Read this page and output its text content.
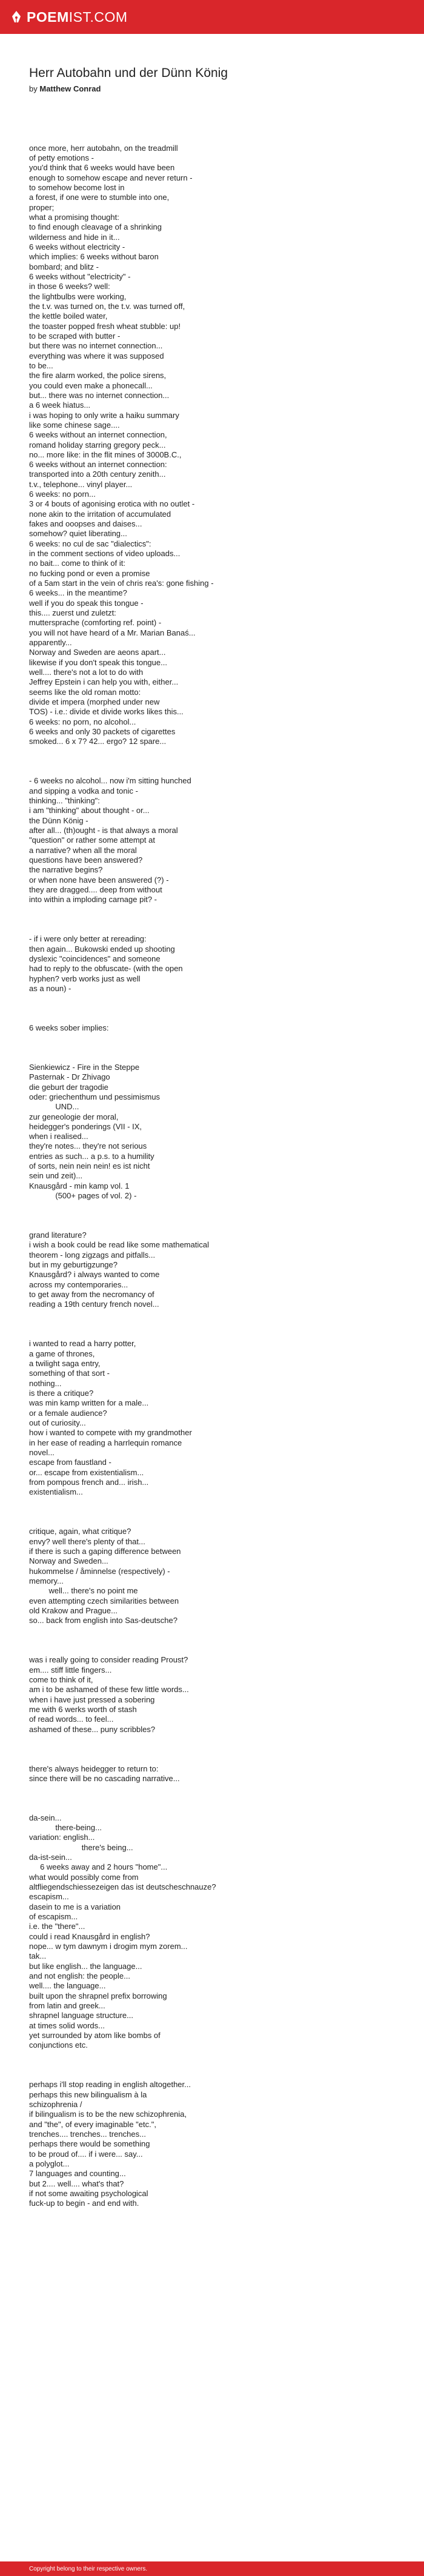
POEMIST.COM
Herr Autobahn und der Dünn König

by Matthew Conrad

once more, herr autobahn, on the treadmill
of petty emotions -
you'd think that 6 weeks would have been
enough to somehow escape and never return -
to somehow become lost in
a forest, if one were to stumble into one,
proper;
what a promising thought:
to find enough cleavage of a shrinking
wilderness and hide in it...
6 weeks without electricity -
which implies: 6 weeks without baron
bombard; and blitz -
6 weeks without "electricity" -
in those 6 weeks? well:
the lightbulbs were working,
the t.v. was turned on, the t.v. was turned off,
the kettle boiled water,
the toaster popped fresh wheat stubble: up!
to be scraped with butter -
but there was no internet connection...
everything was where it was supposed
to be...
the fire alarm worked, the police sirens,
you could even make a phonecall...
but... there was no internet connection...
a 6 week hiatus...
i was hoping to only write a haiku summary
like some chinese sage....
6 weeks without an internet connection,
romand holiday starring gregory peck...
no... more like: in the flit mines of 3000B.C.,
6 weeks without an internet connection:
transported into a 20th century zenith...
t.v., telephone... vinyl player...
6 weeks: no porn...
3 or 4 bouts of agonising erotica with no outlet -
none akin to the irritation of accumulated
fakes and ooopses and daises...
somehow? quiet liberating...
6 weeks: no cul de sac "dialectics":
in the comment sections of video uploads...
no bait... come to think of it:
no fucking pond or even a promise
of a 5am start in the vein of chris rea's: gone fishing -
6 weeks... in the meantime?
well if you do speak this tongue -
this.... zuerst und zuletzt:
muttersprache (comforting ref. point) -
you will not have heard of a Mr. Marian Banaś...
apparently...
Norway and Sweden are aeons apart...
likewise if you don't speak this tongue...
well.... there's not a lot to do with
Jeffrey Epstein i can help you with, either...
seems like the old roman motto:
divide et impera (morphed under new
TOS) - i.e.: divide et divide works likes this...
6 weeks: no porn, no alcohol...
6 weeks and only 30 packets of cigarettes
smoked... 6 x 7? 42... ergo? 12 spare...

- 6 weeks no alcohol... now i'm sitting hunched
and sipping a vodka and tonic -
thinking... "thinking":
i am "thinking" about thought - or...
the Dünn König -
after all... (th)ought - is that always a moral
"question" or rather some attempt at
a narrative? when all the moral
questions have been answered?
the narrative begins?
or when none have been answered (?) -
they are dragged.... deep from without
into within a imploding carnage pit? -

- if i were only better at rereading:
then again... Bukowski ended up shooting
dyslexic "coincidences" and someone
had to reply to the obfuscate- (with the open
hyphen? verb works just as well
as a noun) -

6 weeks sober implies:

Sienkiewicz - Fire in the Steppe
Pasternak - Dr Zhivago
die geburt der tragodie
oder: griechenthum und pessimismus
UND...
zur geneologie der moral,
heidegger's ponderings (VII - IX,
when i realised...
they're notes... they're not serious
entries as such... a p.s. to a humility
of sorts, nein nein nein! es ist nicht
sein und zeit)...
Knausgård - min kamp vol. 1
(500+ pages of vol. 2) -

grand literature?
i wish a book could be read like some mathematical
theorem - long zigzags and pitfalls...
but in my geburtigzunge?
Knausgård? i always wanted to come
across my contemporaries...
to get away from the necromancy of
reading a 19th century french novel...

i wanted to read a harry potter,
a game of thrones,
a twilight saga entry,
something of that sort -
nothing...
is there a critique?
was min kamp written for a male...
or a female audience?
out of curiosity...
how i wanted to compete with my grandmother
in her ease of reading a harrlequin romance
novel...
escape from faustland -
or... escape from existentialism...
from pompous french and... irish...
existentialism...

critique, again, what critique?
envy? well there's plenty of that...
if there is such a gaping difference between
Norway and Sweden...
hukommelse / åminnelse (respectively) -
memory...
well... there's no point me
even attempting czech similarities between
old Krakow and Prague...
so... back from english into Sas-deutsche?

was i really going to consider reading Proust?
em.... stiff little fingers...
come to think of it,
am i to be ashamed of these few little words...
when i have just pressed a sobering
me with 6 werks worth of stash
of read words... to feel...
ashamed of these... puny scribbles?

there's always heidegger to return to:
since there will be no cascading narrative...

da-sein...
there-being...
variation: english...
there's being...
da-ist-sein...
6 weeks away and 2 hours "home"...
what would possibly come from
altfliegendschiessezeigen das ist deutscheschnauze?
escapism...
dasein to me is a variation
of escapism...
i.e. the "there"...
could i read Knausgård in english?
nope... w tym dawnym i drogim mym zorem...
tak...
but like english... the language...
and not english: the people...
well.... the language...
built upon the shrapnel prefix borrowing
from latin and greek...
shrapnel language structure...
at times solid words...
yet surrounded by atom like bombs of
conjunctions etc.

perhaps i'll stop reading in english altogether...
perhaps this new bilingualism à la
schizophrenia /
if bilingualism is to be the new schizophrenia,
and "the", of every imaginable "etc.",
trenches.... trenches... trenches...
perhaps there would be something
to be proud of.... if i were... say...
a polyglot...
7 languages and counting...
but 2.... well.... what's that?
if not some awaiting psychological
fuck-up to begin - and end with.

Copyright belong to their respective owners.
